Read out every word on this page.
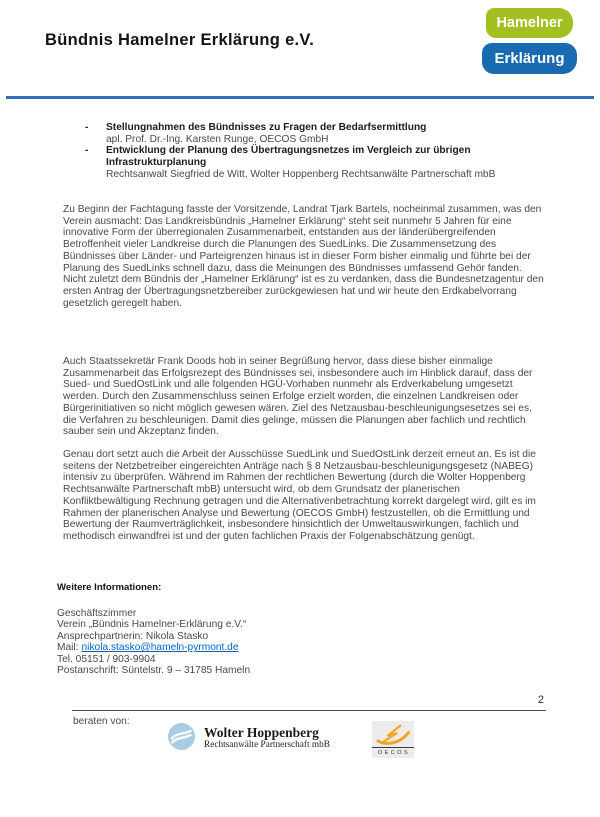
Bündnis Hamelner Erklärung e.V.
Hamelner
Erklärung
-	Stellungnahmen des Bündnisses zu Fragen der Bedarfsermittlung
apl. Prof. Dr.-Ing. Karsten Runge, OECOS GmbH
-	Entwicklung der Planung des Übertragungsnetzes im Vergleich zur übrigen Infrastrukturplanung
Rechtsanwalt Siegfried de Witt, Wolter Hoppenberg Rechtsanwälte Partnerschaft mbB

Zu Beginn der Fachtagung fasste der Vorsitzende, Landrat Tjark Bartels, nocheinmal zusammen, was den Verein ausmacht: Das Landkreisbündnis „Hamelner Erklärung“ steht seit nunmehr 5 Jahren für eine innovative Form der überregionalen Zusammenarbeit, entstanden aus der länderübergreifenden Betroffenheit vieler Landkreise durch die Planungen des SuedLinks. Die Zusammensetzung des Bündnisses über Länder- und Parteigrenzen hinaus ist in dieser Form bisher einmalig und führte bei der Planung des SuedLinks schnell dazu, dass die Meinungen des Bündnisses umfassend Gehör fanden. Nicht zuletzt dem Bündnis der „Hamelner Erklärung“ ist es zu verdanken, dass die Bundesnetzagentur den ersten Antrag der Übertragungsnetzbereiber zurückgewiesen hat und wir heute den Erdkabelvorrang gesetzlich geregelt haben.

Auch Staatssekretär Frank Doods hob in seiner Begrüßung hervor, dass diese bisher einmalige Zusammenarbeit das Erfolgsrezept des Bündnisses sei, insbesondere auch im Hinblick darauf, dass der Sued- und SuedOstLink und alle folgenden HGÜ-Vorhaben nunmehr als Erdverkabelung umgesetzt werden. Durch den Zusammenschluss seinen Erfolge erzielt worden, die einzelnen Landkreisen oder Bürgerinitiativen so nicht möglich gewesen wären. Ziel des Netzausbau-beschleunigungsesetzes sei es, die Verfahren zu beschleunigen. Damit dies gelinge, müssen die Planungen aber fachlich und rechtlich sauber sein und Akzeptanz finden.

Genau dort setzt auch die Arbeit der Ausschüsse SuedLink und SuedOstLink derzeit erneut an. Es ist die seitens der Netzbetreiber eingereichten Anträge nach § 8 Netzausbau-beschleunigungsgesetz (NABEG) intensiv zu überprüfen. Während im Rahmen der rechtlichen Bewertung (durch die Wolter Hoppenberg Rechtsanwälte Partnerschaft mbB) untersucht wird, ob dem Grundsatz der planerischen Konfliktbewältigung Rechnung getragen und die Alternativenbetrachtung korrekt dargelegt wird, gilt es im Rahmen der planerischen Analyse und Bewertung (OECOS GmbH) festzustellen, ob die Ermittlung und Bewertung der Raumverträglichkeit, insbesondere hinsichtlich der Umweltauswirkungen, fachlich und methodisch einwandfrei ist und der guten fachlichen Praxis der Folgenabschätzung genügt.

Weitere Informationen:
Geschäftszimmer
Verein „Bündnis Hamelner-Erklärung e.V.“
Ansprechpartnerin: Nikola Stasko
Mail: nikola.stasko@hameln-pyrmont.de
Tel. 05151 / 903-9904
Postanschrift: Süntelstr. 9 – 31785 Hameln
2
beraten von:
Wolter Hoppenberg
Rechtsanwälte Partnerschaft mbB
OECOS
